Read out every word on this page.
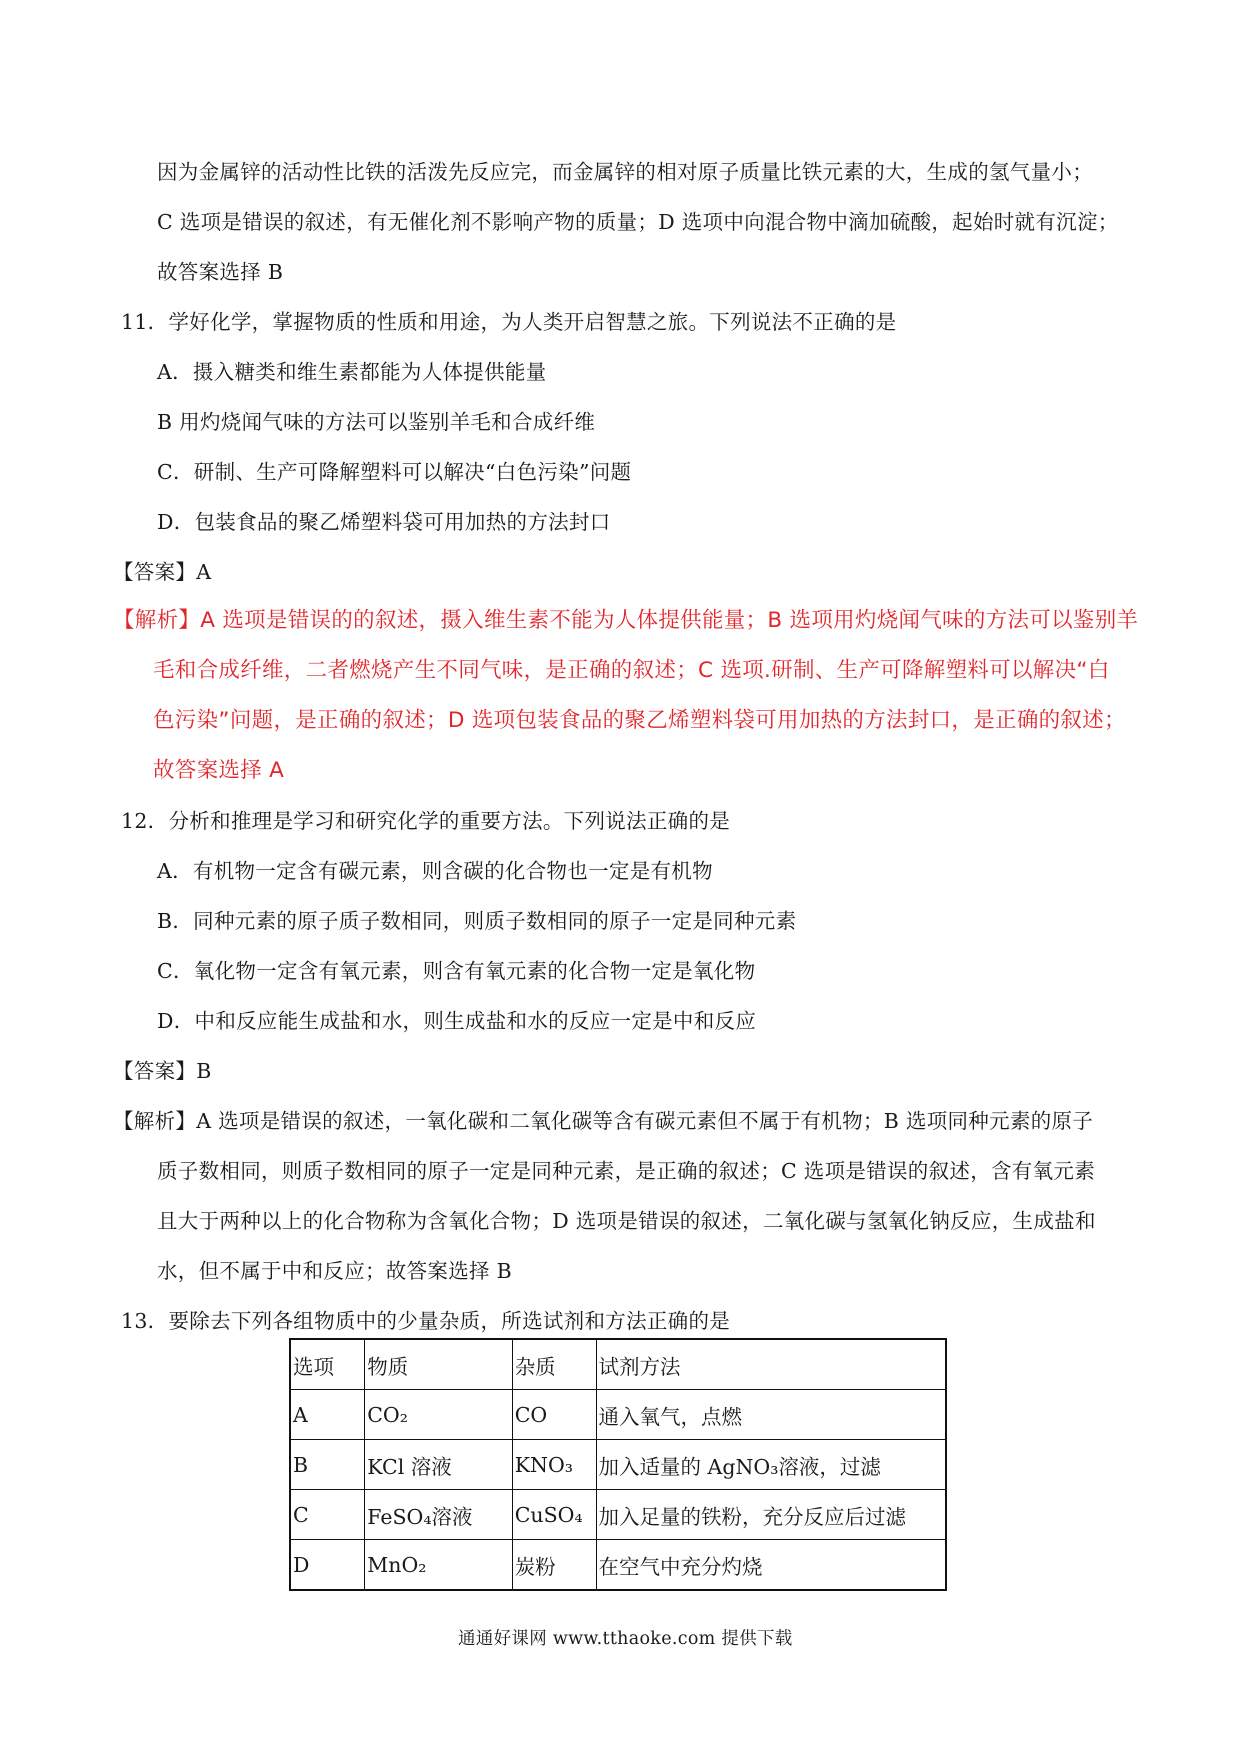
因为金属锌的活动性比铁的活泼先反应完，而金属锌的相对原子质量比铁元素的大，生成的氢气量小；
C 选项是错误的叙述，有无催化剂不影响产物的质量；D 选项中向混合物中滴加硫酸，起始时就有沉淀；
故答案选择 B
11．学好化学，掌握物质的性质和用途，为人类开启智慧之旅。下列说法不正确的是
A．摄入糖类和维生素都能为人体提供能量
B 用灼烧闻气味的方法可以鉴别羊毛和合成纤维
C．研制、生产可降解塑料可以解决“白色污染”问题
D．包装食品的聚乙烯塑料袋可用加热的方法封口
【答案】A
【解析】A 选项是错误的的叙述，摄入维生素不能为人体提供能量；B 选项用灼烧闻气味的方法可以鉴别羊
毛和合成纤维，二者燃烧产生不同气味，是正确的叙述；C 选项.研制、生产可降解塑料可以解决“白
色污染”问题，是正确的叙述；D 选项包装食品的聚乙烯塑料袋可用加热的方法封口，是正确的叙述；
故答案选择 A
12．分析和推理是学习和研究化学的重要方法。下列说法正确的是
A．有机物一定含有碳元素，则含碳的化合物也一定是有机物
B．同种元素的原子质子数相同，则质子数相同的原子一定是同种元素
C．氧化物一定含有氧元素，则含有氧元素的化合物一定是氧化物
D．中和反应能生成盐和水，则生成盐和水的反应一定是中和反应
【答案】B
【解析】A 选项是错误的叙述，一氧化碳和二氧化碳等含有碳元素但不属于有机物；B 选项同种元素的原子
质子数相同，则质子数相同的原子一定是同种元素，是正确的叙述；C 选项是错误的叙述，含有氧元素
且大于两种以上的化合物称为含氧化合物；D 选项是错误的叙述，二氧化碳与氢氧化钠反应，生成盐和
水，但不属于中和反应；故答案选择 B
13．要除去下列各组物质中的少量杂质，所选试剂和方法正确的是
选项	物质	杂质	试剂方法
A	CO₂	CO	通入氧气，点燃
B	KCl 溶液	KNO₃	加入适量的 AgNO₃溶液，过滤
C	FeSO₄溶液	CuSO₄	加入足量的铁粉，充分反应后过滤
D	MnO₂	炭粉	在空气中充分灼烧
通通好课网 www.tthaoke.com 提供下载
